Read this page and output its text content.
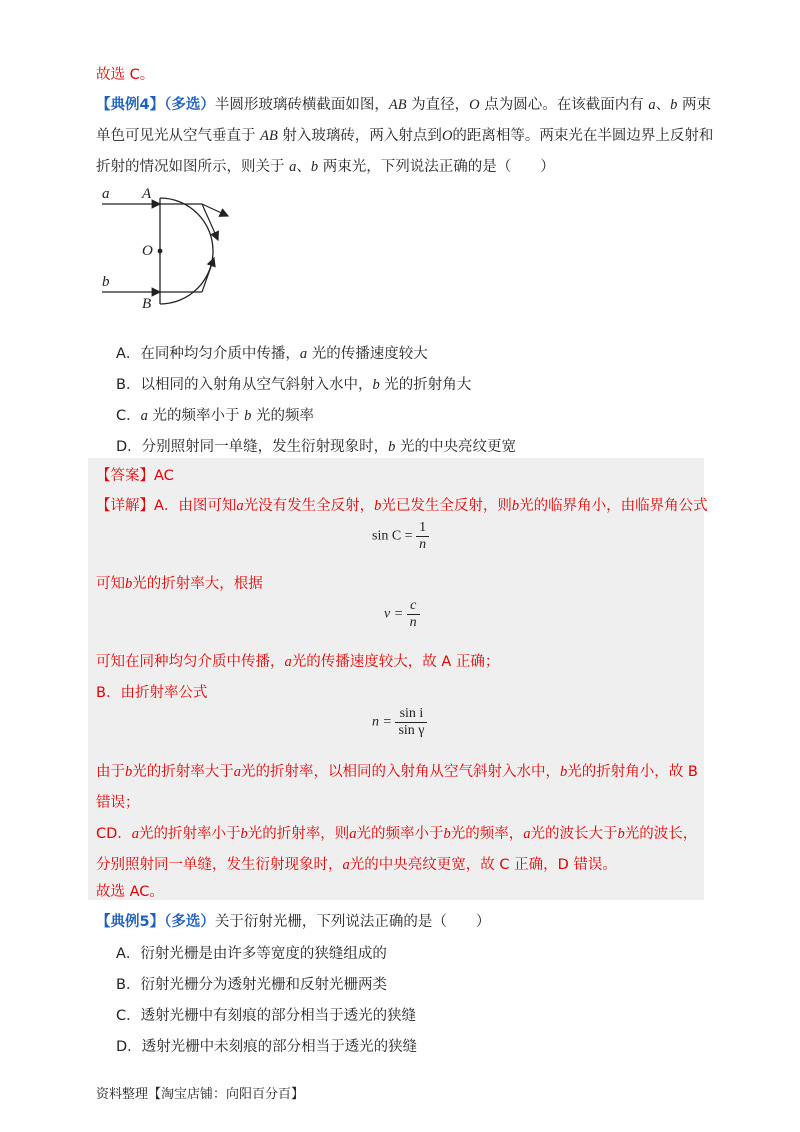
故选 C。
【典例4】（多选）半圆形玻璃砖横截面如图，AB 为直径，O 点为圆心。在该截面内有 a、b 两束
单色可见光从空气垂直于 AB 射入玻璃砖，两入射点到O的距离相等。两束光在半圆边界上反射和
折射的情况如图所示，则关于 a、b 两束光，下列说法正确的是（　　）
a A
O
b
B
A．在同种均匀介质中传播，a 光的传播速度较大
B．以相同的入射角从空气斜射入水中，b 光的折射角大
C．a 光的频率小于 b 光的频率
D．分别照射同一单缝，发生衍射现象时，b 光的中央亮纹更宽
【答案】AC
【详解】A．由图可知a光没有发生全反射，b光已发生全反射，则b光的临界角小，由临界角公式
$\sin C = \frac{1}{n}$
可知b光的折射率大，根据
$v = \frac{c}{n}$
可知在同种均匀介质中传播，a光的传播速度较大，故 A 正确；
B．由折射率公式
$n = \frac{\text{sin i}}{\text{sin γ}}$
由于b光的折射率大于a光的折射率，以相同的入射角从空气斜射入水中，b光的折射角小，故 B
错误；
CD．a光的折射率小于b光的折射率，则a光的频率小于b光的频率，a光的波长大于b光的波长，
分别照射同一单缝，发生衍射现象时，a光的中央亮纹更宽，故 C 正确，D 错误。
故选 AC。
【典例5】（多选）关于衍射光栅，下列说法正确的是（　　）
A．衍射光栅是由许多等宽度的狭缝组成的
B．衍射光栅分为透射光栅和反射光栅两类
C．透射光栅中有刻痕的部分相当于透光的狭缝
D．透射光栅中未刻痕的部分相当于透光的狭缝
资料整理【淘宝店铺：向阳百分百】
